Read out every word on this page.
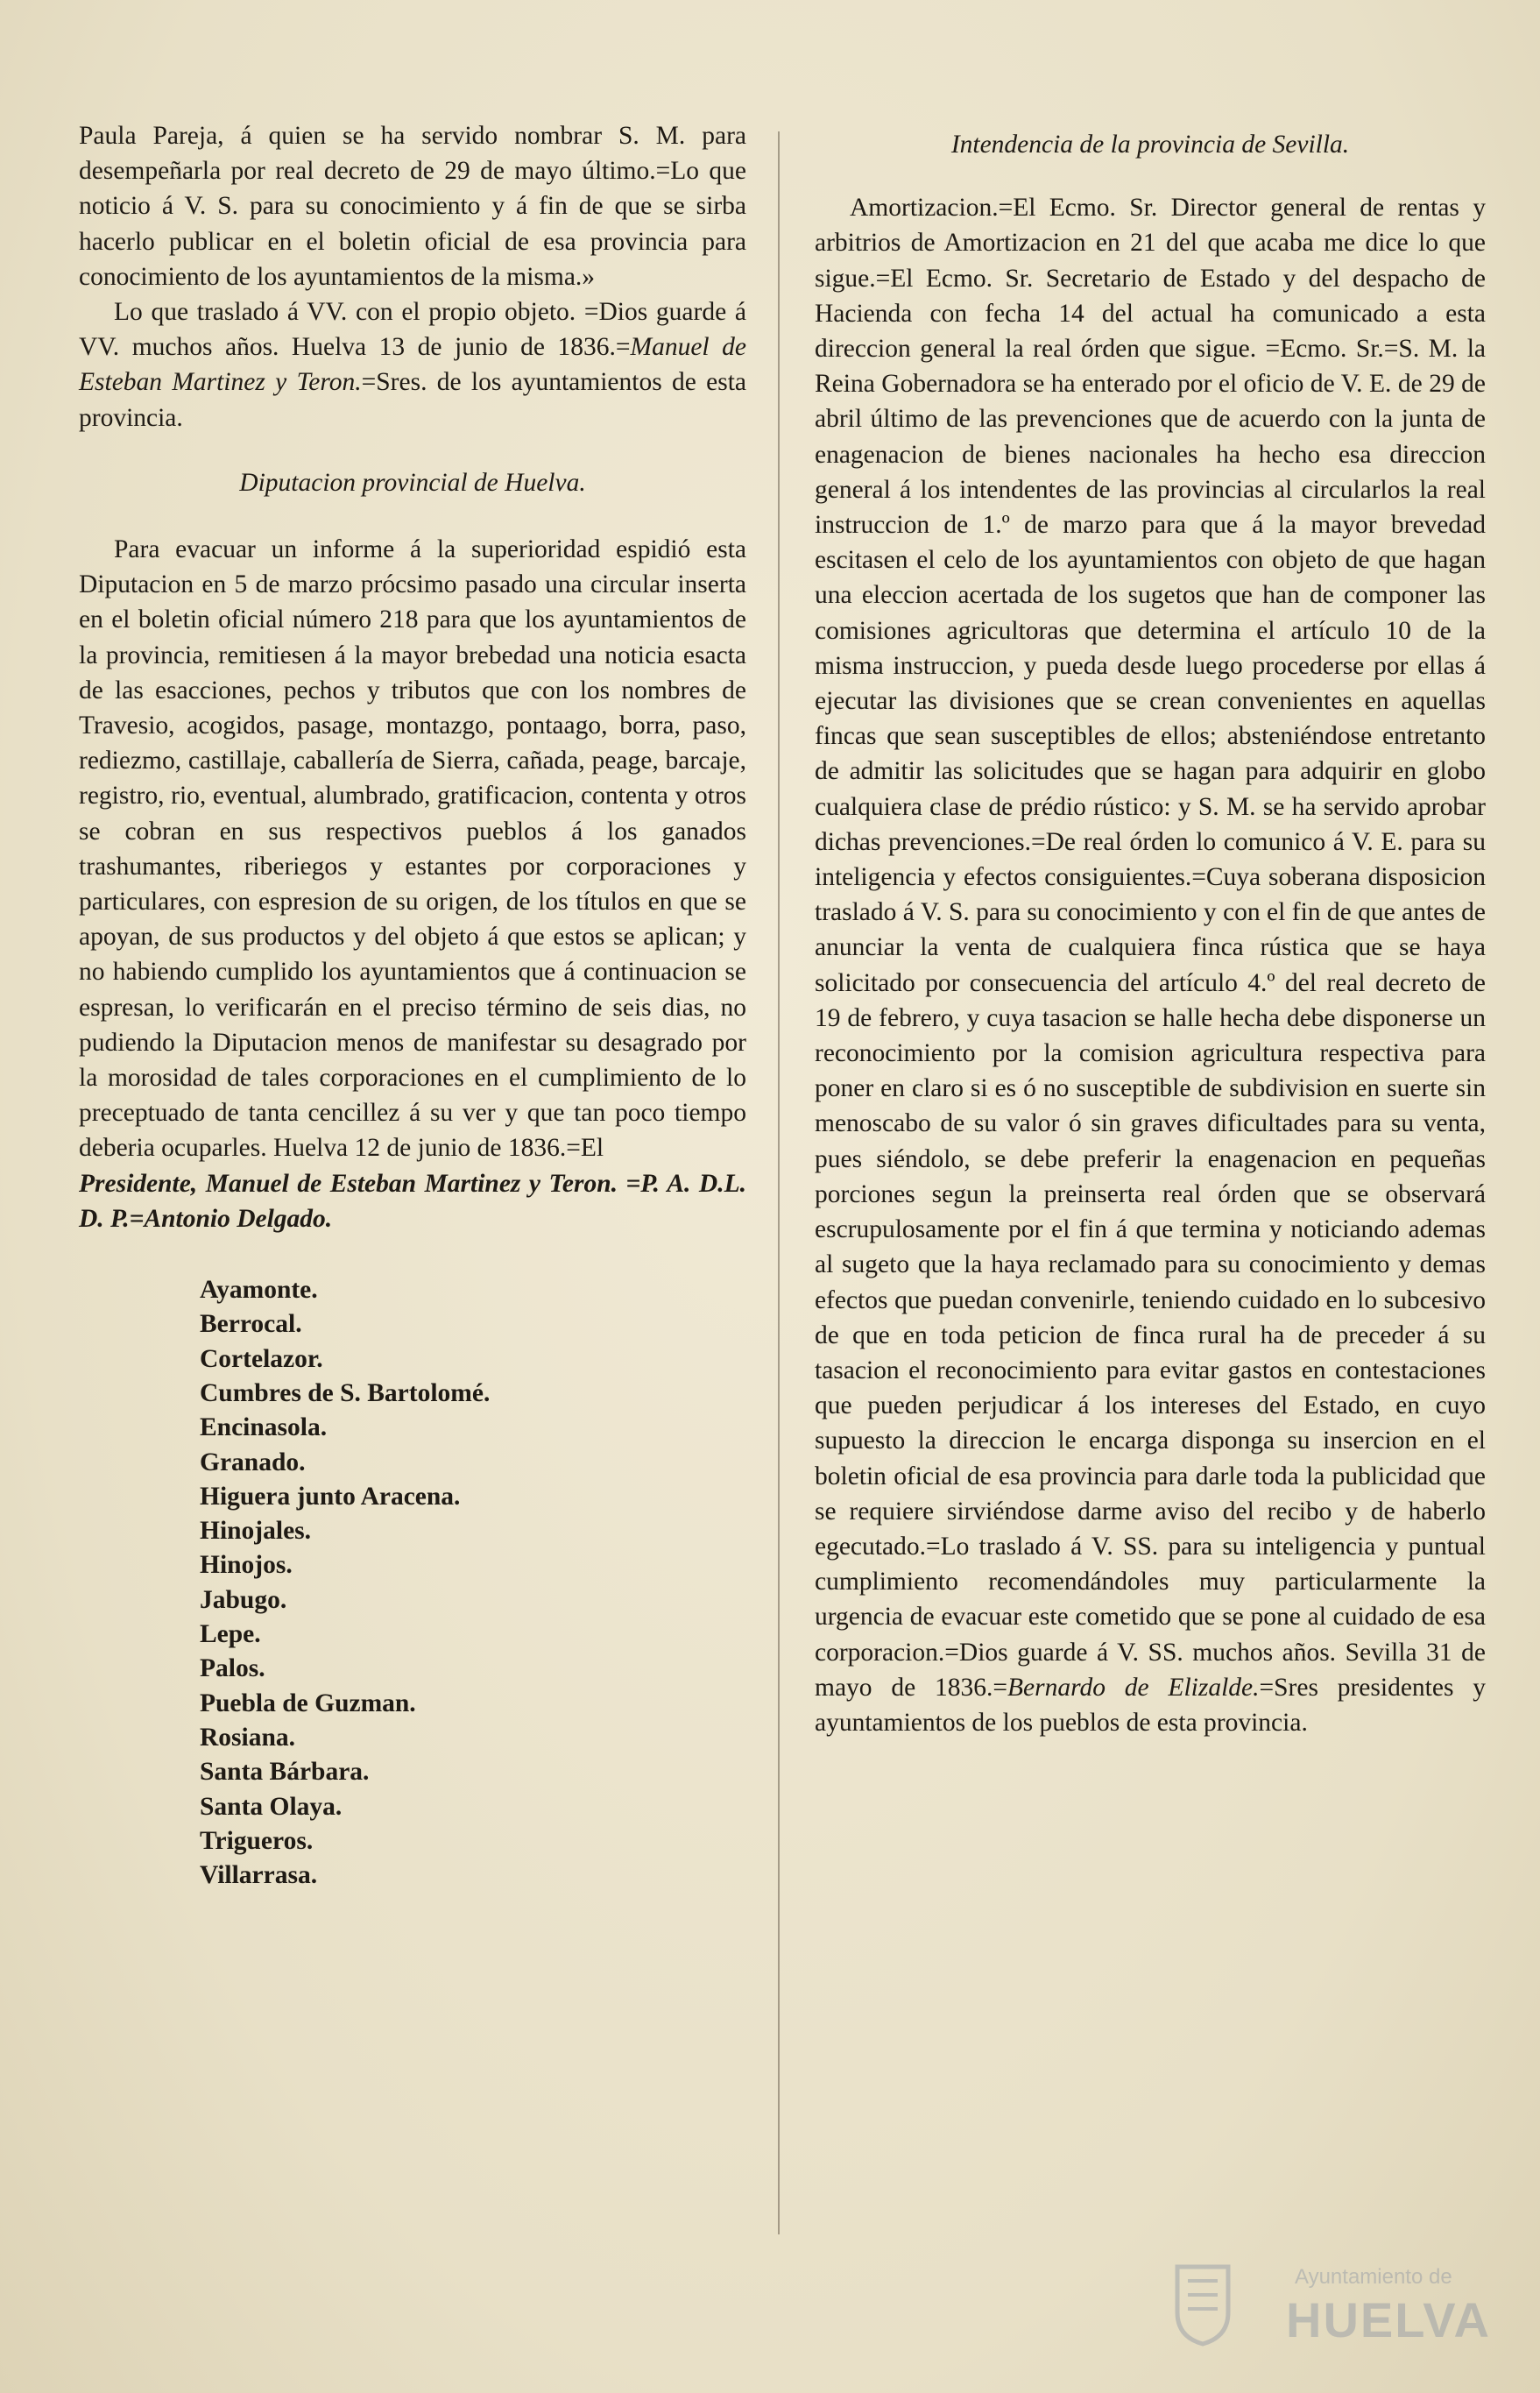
Paula Pareja, á quien se ha servido nombrar S. M. para desempeñarla por real decreto de 29 de mayo último.=Lo que noticio á V. S. para su conocimiento y á fin de que se sirba hacerlo publicar en el boletin oficial de esa provincia para conocimiento de los ayuntamientos de la misma.»

Lo que traslado á VV. con el propio objeto. =Dios guarde á VV. muchos años. Huelva 13 de junio de 1836.=Manuel de Esteban Martinez y Teron.=Sres. de los ayuntamientos de esta provincia.

Diputacion provincial de Huelva.

Para evacuar un informe á la superioridad espidió esta Diputacion en 5 de marzo prócsimo pasado una circular inserta en el boletin oficial número 218 para que los ayuntamientos de la provincia, remitiesen á la mayor brebedad una noticia esacta de las esacciones, pechos y tributos que con los nombres de Travesio, acogidos, pasage, montazgo, pontaago, borra, paso, rediezmo, castillaje, caballería de Sierra, cañada, peage, barcaje, registro, rio, eventual, alumbrado, gratificacion, contenta y otros se cobran en sus respectivos pueblos á los ganados trashumantes, riberiegos y estantes por corporaciones y particulares, con espresion de su origen, de los títulos en que se apoyan, de sus productos y del objeto á que estos se aplican; y no habiendo cumplido los ayuntamientos que á continuacion se espresan, lo verificarán en el preciso término de seis dias, no pudiendo la Diputacion menos de manifestar su desagrado por la morosidad de tales corporaciones en el cumplimiento de lo preceptuado de tanta cencillez á su ver y que tan poco tiempo deberia ocuparles. Huelva 12 de junio de 1836.=El

Presidente, Manuel de Esteban Martinez y Teron. =P. A. D.L. D. P.=Antonio Delgado.

Ayamonte.
Berrocal.
Cortelazor.
Cumbres de S. Bartolomé.
Encinasola.
Granado.
Higuera junto Aracena.
Hinojales.
Hinojos.
Jabugo.
Lepe.
Palos.
Puebla de Guzman.
Rosiana.
Santa Bárbara.
Santa Olaya.
Trigueros.
Villarrasa.

Intendencia de la provincia de Sevilla.

Amortizacion.=El Ecmo. Sr. Director general de rentas y arbitrios de Amortizacion en 21 del que acaba me dice lo que sigue.=El Ecmo. Sr. Secretario de Estado y del despacho de Hacienda con fecha 14 del actual ha comunicado a esta direccion general la real órden que sigue. =Ecmo. Sr.=S. M. la Reina Gobernadora se ha enterado por el oficio de V. E. de 29 de abril último de las prevenciones que de acuerdo con la junta de enagenacion de bienes nacionales ha hecho esa direccion general á los intendentes de las provincias al circularlos la real instruccion de 1.º de marzo para que á la mayor brevedad escitasen el celo de los ayuntamientos con objeto de que hagan una eleccion acertada de los sugetos que han de componer las comisiones agricultoras que determina el artículo 10 de la misma instruccion, y pueda desde luego procederse por ellas á ejecutar las divisiones que se crean convenientes en aquellas fincas que sean susceptibles de ellos; absteniéndose entretanto de admitir las solicitudes que se hagan para adquirir en globo cualquiera clase de prédio rústico: y S. M. se ha servido aprobar dichas prevenciones.=De real órden lo comunico á V. E. para su inteligencia y efectos consiguientes.=Cuya soberana disposicion traslado á V. S. para su conocimiento y con el fin de que antes de anunciar la venta de cualquiera finca rústica que se haya solicitado por consecuencia del artículo 4.º del real decreto de 19 de febrero, y cuya tasacion se halle hecha debe disponerse un reconocimiento por la comision agricultura respectiva para poner en claro si es ó no susceptible de subdivision en suerte sin menoscabo de su valor ó sin graves dificultades para su venta, pues siéndolo, se debe preferir la enagenacion en pequeñas porciones segun la preinserta real órden que se observará escrupulosamente por el fin á que termina y noticiando ademas al sugeto que la haya reclamado para su conocimiento y demas efectos que puedan convenirle, teniendo cuidado en lo subcesivo de que en toda peticion de finca rural ha de preceder á su tasacion el reconocimiento para evitar gastos en contestaciones que pueden perjudicar á los intereses del Estado, en cuyo supuesto la direccion le encarga disponga su insercion en el boletin oficial de esa provincia para darle toda la publicidad que se requiere sirviéndose darme aviso del recibo y de haberlo egecutado.=Lo traslado á V. SS. para su inteligencia y puntual cumplimiento recomendándoles muy particularmente la urgencia de evacuar este cometido que se pone al cuidado de esa corporacion.=Dios guarde á V. SS. muchos años. Sevilla 31 de mayo de 1836.=Bernardo de Elizalde.=Sres presidentes y ayuntamientos de los pueblos de esta provincia.

Ayuntamiento de
HUELVA
